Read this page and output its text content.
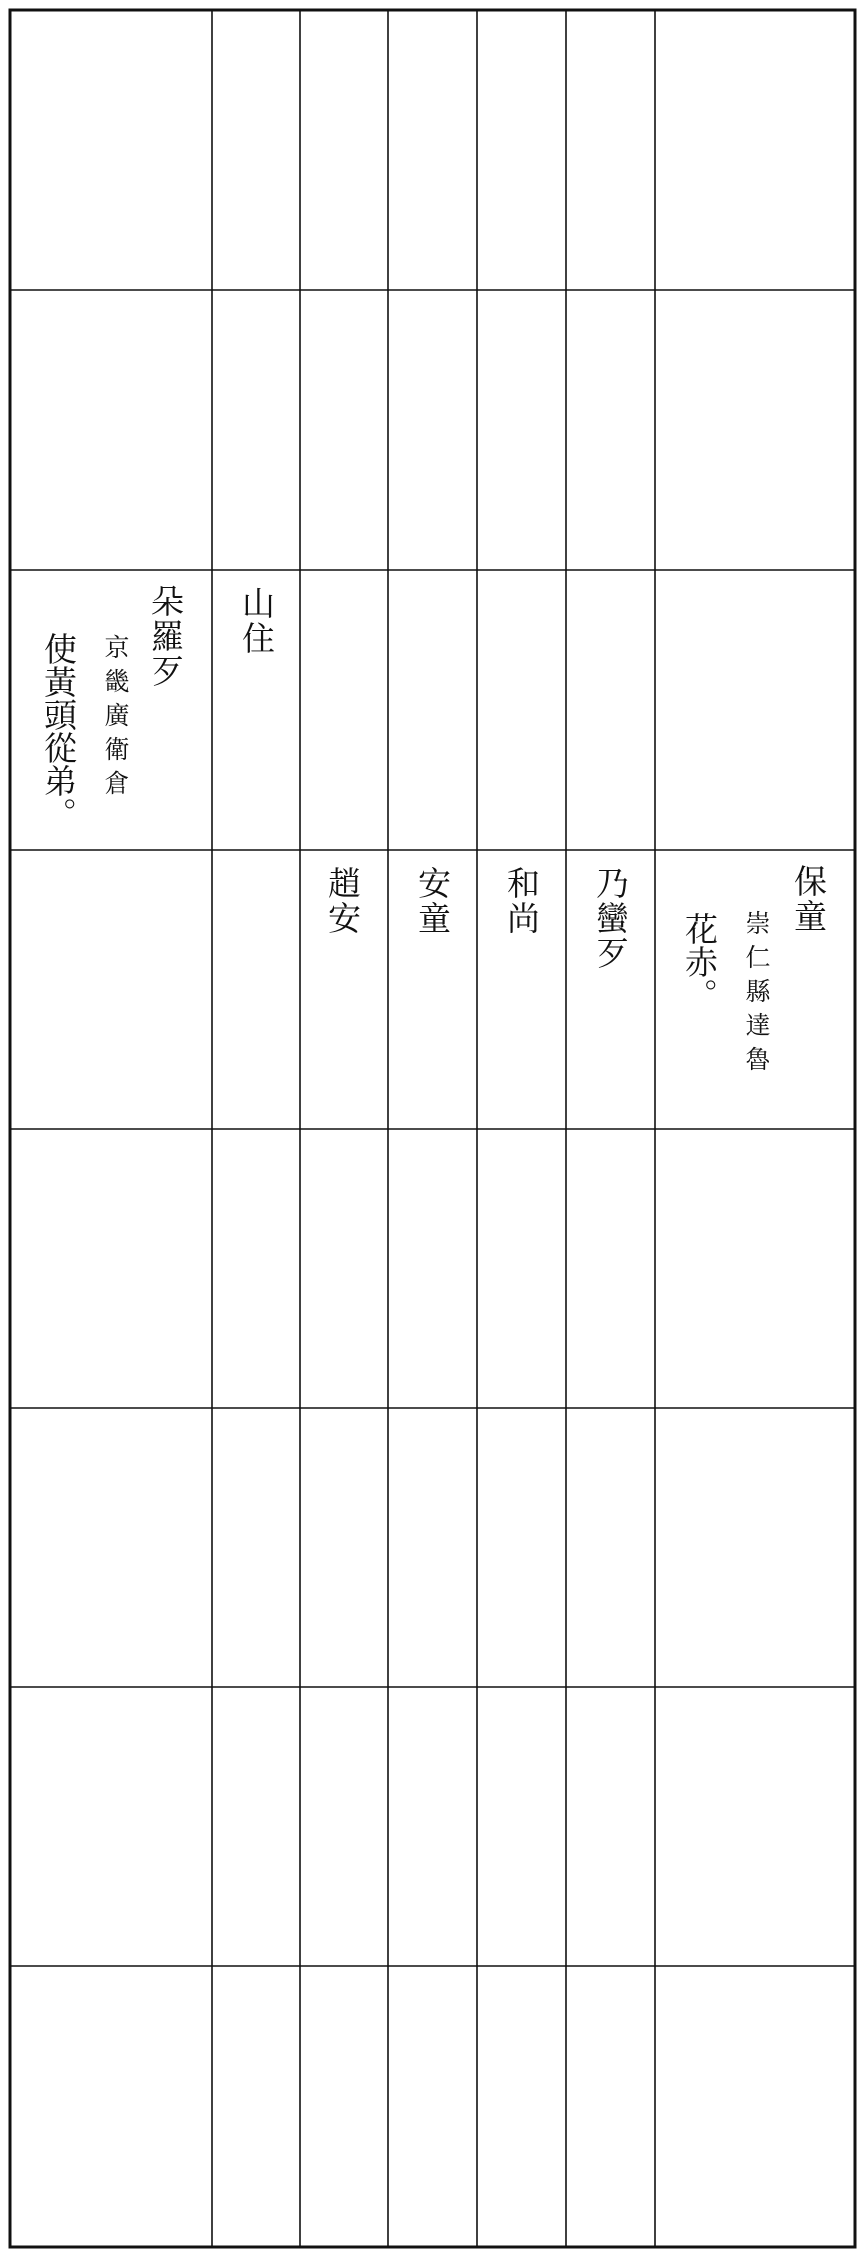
朵羅歹
京畿廣衛倉
使黃頭從弟。
山住
趙安 安童 和尚 乃蠻歹	保童
崇仁縣達魯
花赤。
